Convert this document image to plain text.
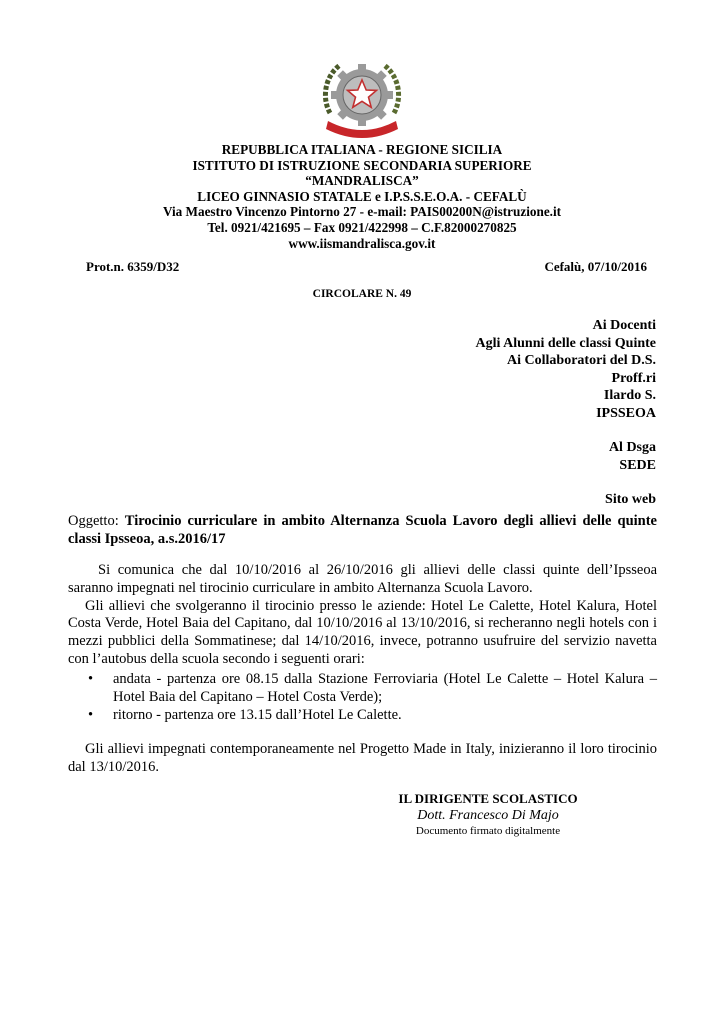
REPUBBLICA ITALIANA - REGIONE SICILIA
ISTITUTO DI ISTRUZIONE SECONDARIA SUPERIORE
“MANDRALISCA”
LICEO GINNASIO STATALE e I.P.S.S.E.O.A. - CEFALÙ
Via Maestro Vincenzo Pintorno 27 - e-mail: PAIS00200N@istruzione.it
Tel. 0921/421695 – Fax 0921/422998 – C.F.82000270825
www.iismandralisca.gov.it
Prot.n. 6359/D32	Cefalù, 07/10/2016
CIRCOLARE N. 49
Ai Docenti
Agli Alunni delle classi Quinte
Ai Collaboratori del D.S.
Proff.ri
Ilardo S.
IPSSEOA
Al Dsga
SEDE
Sito web
Oggetto: Tirocinio curriculare in ambito Alternanza Scuola Lavoro degli allievi delle quinte classi Ipsseoa, a.s.2016/17
Si comunica che dal 10/10/2016 al 26/10/2016 gli allievi delle classi quinte dell’Ipsseoa saranno impegnati nel tirocinio curriculare in ambito Alternanza Scuola Lavoro.
Gli allievi che svolgeranno il tirocinio presso le aziende: Hotel Le Calette, Hotel Kalura, Hotel Costa Verde, Hotel Baia del Capitano, dal 10/10/2016 al 13/10/2016, si recheranno negli hotels con i mezzi pubblici della Sommatinese; dal 14/10/2016, invece, potranno usufruire del servizio navetta con l’autobus della scuola secondo i seguenti orari:
• andata - partenza ore 08.15 dalla Stazione Ferroviaria (Hotel Le Calette – Hotel Kalura – Hotel Baia del Capitano – Hotel Costa Verde);
• ritorno - partenza ore 13.15 dall’Hotel Le Calette.
Gli allievi impegnati contemporaneamente nel Progetto Made in Italy, inizieranno il loro tirocinio dal 13/10/2016.
IL DIRIGENTE SCOLASTICO
Dott. Francesco Di Majo
Documento firmato digitalmente
